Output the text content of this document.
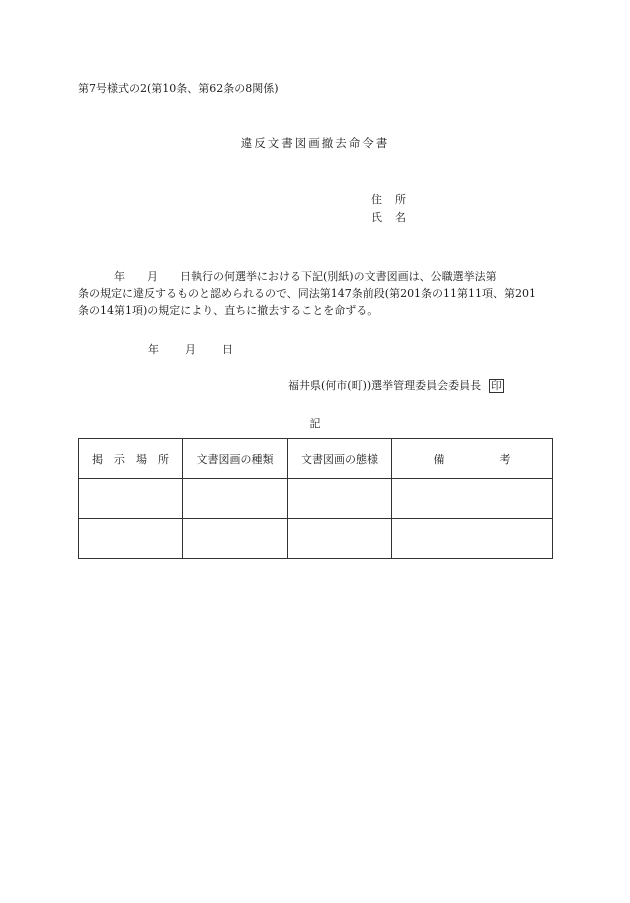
第7号様式の2(第10条、第62条の8関係)
違反文書図画撤去命令書
住 所
氏 名
年　　月　　日執行の何選挙における下記(別紙)の文書図画は、公職選挙法第
条の規定に違反するものと認められるので、同法第147条前段(第201条の11第11項、第201
条の14第1項)の規定により、直ちに撤去することを命ずる。
年 月 日
福井県(何市(町))選挙管理委員会委員長 印
記
掲　示　場　所	文書図画の種類	文書図画の態様	備　　　　　考
